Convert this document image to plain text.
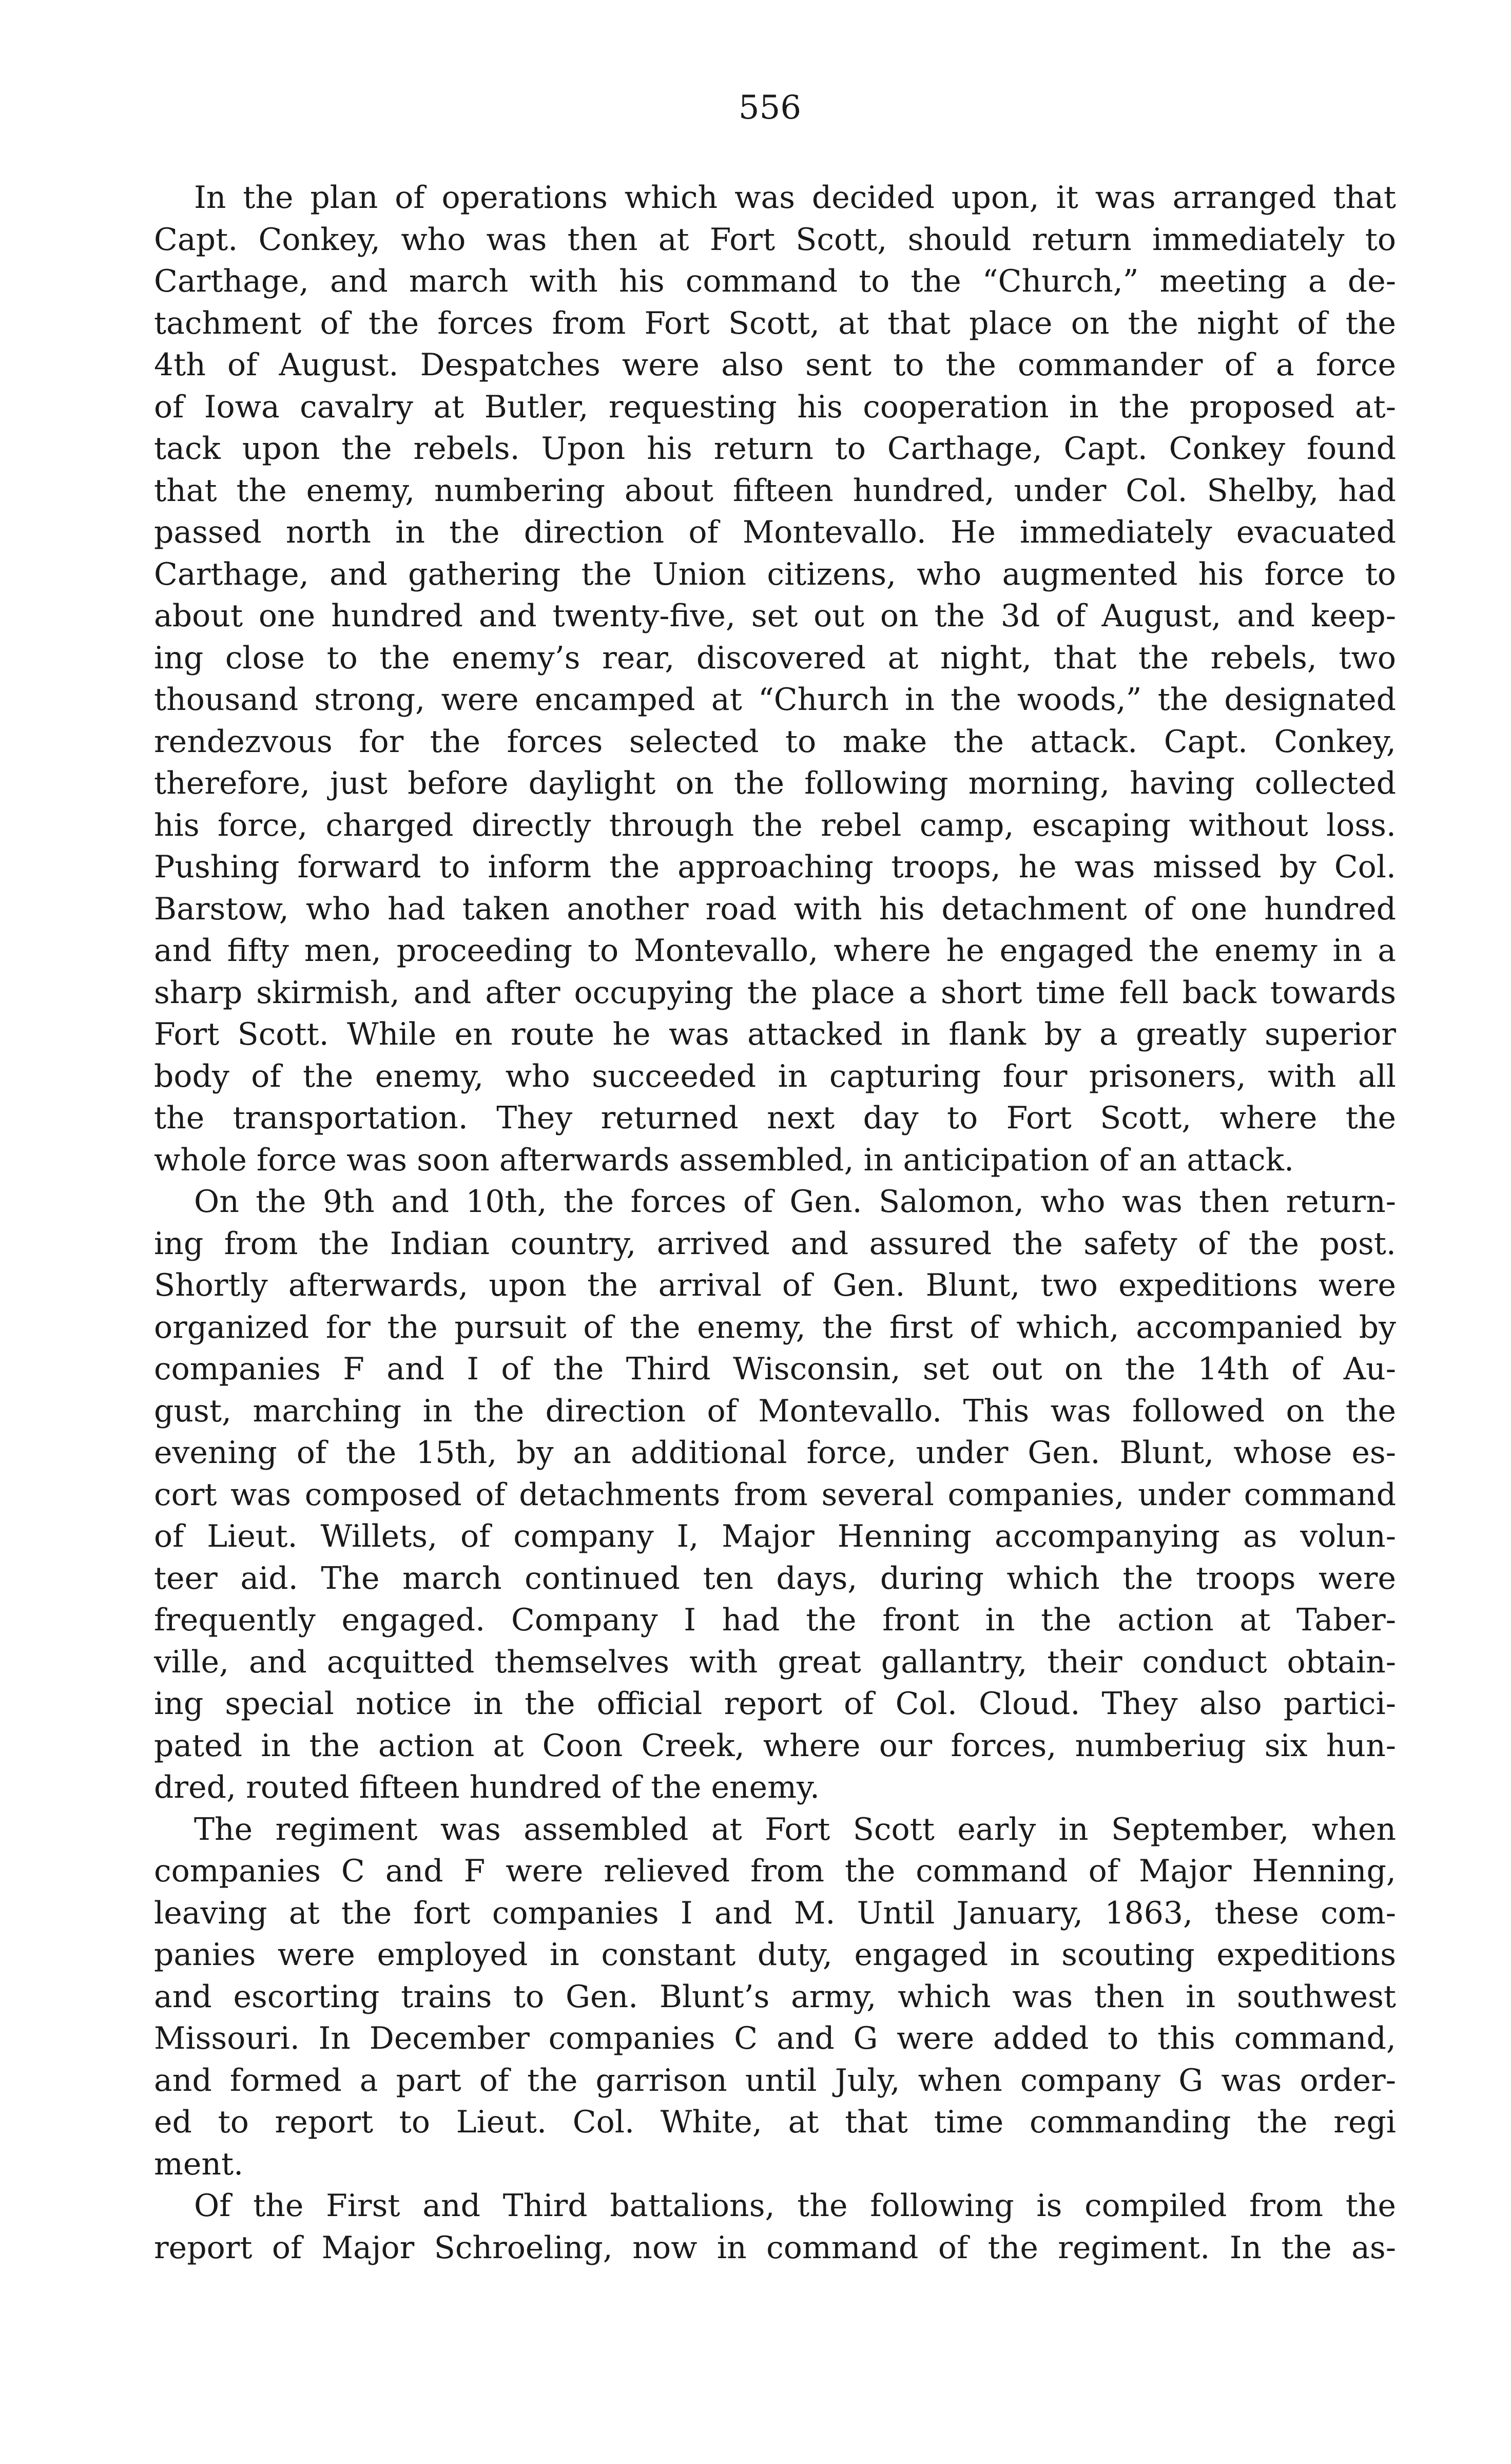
556
In the plan of operations which was decided upon, it was arranged that
Capt. Conkey, who was then at Fort Scott, should return immediately to
Carthage, and march with his command to the “Church,” meeting a de-
tachment of the forces from Fort Scott, at that place on the night of the
4th of August. Despatches were also sent to the commander of a force
of Iowa cavalry at Butler, requesting his cooperation in the proposed at-
tack upon the rebels. Upon his return to Carthage, Capt. Conkey found
that the enemy, numbering about fifteen hundred, under Col. Shelby, had
passed north in the direction of Montevallo. He immediately evacuated
Carthage, and gathering the Union citizens, who augmented his force to
about one hundred and twenty-five, set out on the 3d of August, and keep-
ing close to the enemy’s rear, discovered at night, that the rebels, two
thousand strong, were encamped at “Church in the woods,” the designated
rendezvous for the forces selected to make the attack. Capt. Conkey,
therefore, just before daylight on the following morning, having collected
his force, charged directly through the rebel camp, escaping without loss.
Pushing forward to inform the approaching troops, he was missed by Col.
Barstow, who had taken another road with his detachment of one hundred
and fifty men, proceeding to Montevallo, where he engaged the enemy in a
sharp skirmish, and after occupying the place a short time fell back towards
Fort Scott. While en route he was attacked in flank by a greatly superior
body of the enemy, who succeeded in capturing four prisoners, with all
the transportation. They returned next day to Fort Scott, where the
whole force was soon afterwards assembled, in anticipation of an attack.
On the 9th and 10th, the forces of Gen. Salomon, who was then return-
ing from the Indian country, arrived and assured the safety of the post.
Shortly afterwards, upon the arrival of Gen. Blunt, two expeditions were
organized for the pursuit of the enemy, the first of which, accompanied by
companies F and I of the Third Wisconsin, set out on the 14th of Au-
gust, marching in the direction of Montevallo. This was followed on the
evening of the 15th, by an additional force, under Gen. Blunt, whose es-
cort was composed of detachments from several companies, under command
of Lieut. Willets, of company I, Major Henning accompanying as volun-
teer aid. The march continued ten days, during which the troops were
frequently engaged. Company I had the front in the action at Taber-
ville, and acquitted themselves with great gallantry, their conduct obtain-
ing special notice in the official report of Col. Cloud. They also partici-
pated in the action at Coon Creek, where our forces, numberiug six hun-
dred, routed fifteen hundred of the enemy.
The regiment was assembled at Fort Scott early in September, when
companies C and F were relieved from the command of Major Henning,
leaving at the fort companies I and M. Until January, 1863, these com-
panies were employed in constant duty, engaged in scouting expeditions
and escorting trains to Gen. Blunt’s army, which was then in southwest
Missouri. In December companies C and G were added to this command,
and formed a part of the garrison until July, when company G was order-
ed to report to Lieut. Col. White, at that time commanding the regi
ment.
Of the First and Third battalions, the following is compiled from the
report of Major Schroeling, now in command of the regiment. In the as-
